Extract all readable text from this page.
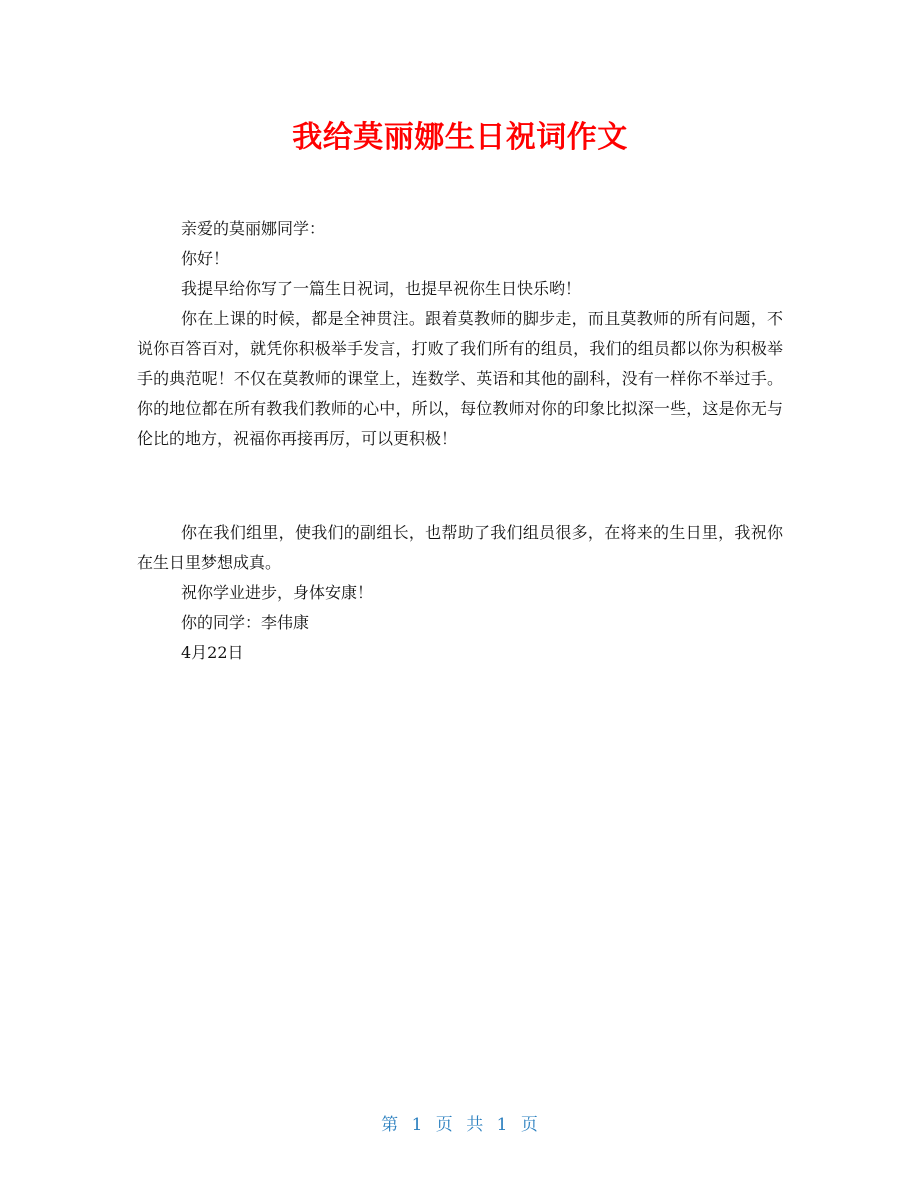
我给莫丽娜生日祝词作文

亲爱的莫丽娜同学：

你好！

我提早给你写了一篇生日祝词，也提早祝你生日快乐哟！

你在上课的时候，都是全神贯注。跟着莫教师的脚步走，而且莫教师的所有问题，不说你百答百对，就凭你积极举手发言，打败了我们所有的组员，我们的组员都以你为积极举手的典范呢！不仅在莫教师的课堂上，连数学、英语和其他的副科，没有一样你不举过手。你的地位都在所有教我们教师的心中，所以，每位教师对你的印象比拟深一些，这是你无与伦比的地方，祝福你再接再厉，可以更积极！

你在我们组里，使我们的副组长，也帮助了我们组员很多，在将来的生日里，我祝你在生日里梦想成真。

祝你学业进步，身体安康！

你的同学：李伟康

4月22日

第 1 页 共 1 页
